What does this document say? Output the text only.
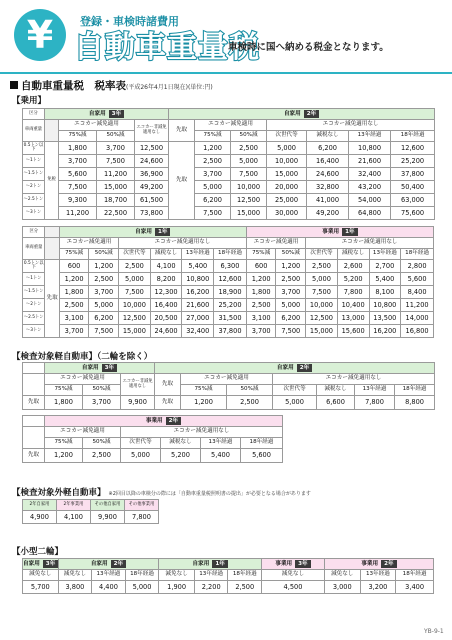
¥	登録・車検時諸費用
自動車重量税
車検時に国へ納める税金となります。
自動車重量税　税率表(平成26年4月1日現在)(単位:円)
【乗用】
区分	自家用 3年				自家用 2年						
車両重量		エコカー減免適用		エコカー非減免適用なし	先取	エコカー減免適用		エコカー減免適用なし			
		75%減	50%減			75%減	50%減	次世代等	減税なし	13年経過	18年経過
0.5トン以下	免税	1,800	3,700	12,500	先取	1,200	2,500	5,000	6,200	10,800	12,600
～1トン		3,700	7,500	24,600		2,500	5,000	10,000	16,400	21,600	25,200
～1.5トン		5,600	11,200	36,900		3,700	7,500	15,000	24,600	32,400	37,800
～2トン		7,500	15,000	49,200		5,000	10,000	20,000	32,800	43,200	50,400
～2.5トン		9,300	18,700	61,500		6,200	12,500	25,000	41,000	54,000	63,000
～3トン		11,200	22,500	73,800		7,500	15,000	30,000	49,200	64,800	75,600
区分		自家用 1年						事業用 1年					
車両重量		エコカー減免適用		エコカー減免適用なし				エコカー減免適用		エコカー減免適用なし			
		75%減	50%減	次世代等	減税なし	13年経過	18年経過	75%減	50%減	次世代等	減税なし	13年経過	18年経過
0.5トン以下	先取	600	1,200	2,500	4,100	5,400	6,300	600	1,200	2,500	2,600	2,700	2,800
～1トン		1,200	2,500	5,000	8,200	10,800	12,600	1,200	2,500	5,000	5,200	5,400	5,600
～1.5トン		1,800	3,700	7,500	12,300	16,200	18,900	1,800	3,700	7,500	7,800	8,100	8,400
～2トン		2,500	5,000	10,000	16,400	21,600	25,200	2,500	5,000	10,000	10,400	10,800	11,200
～2.5トン		3,100	6,200	12,500	20,500	27,000	31,500	3,100	6,200	12,500	13,000	13,500	14,000
～3トン		3,700	7,500	15,000	24,600	32,400	37,800	3,700	7,500	15,000	15,600	16,200	16,800
【検査対象軽自動車】（二輪を除く）
	自家用 3年			自家用 2年						
	エコカー減免適用		エコカー非減免適用なし	先取	エコカー減免適用		エコカー減免適用なし			
	75%減	50%減			75%減	50%減	次世代等	減税なし	13年経過	18年経過
先取	1,800	3,700	9,900	先取	1,200	2,500	5,000	6,600	7,800	8,800
	事業用 2年					
	エコカー減免適用		エコカー減免適用なし			
	75%減	50%減	次世代等	減税なし	13年経過	18年経過
先取	1,200	2,500	5,000	5,200	5,400	5,600
【検査対象外軽自動車】 ※2回目以降の車検分の際には「自動車重量税照明書の提出」が必要となる場合があります
2年自家用	2年事業用	その他自家用	その他事業用
4,900	4,100	9,900	7,800
【小型二輪】
自家用 3年	自家用 2年			自家用 1年			事業用 3年	事業用 2年		
減免なし	減免なし	13年経過	18年経過	減免なし	13年経過	18年経過	減免なし	減免なし	13年経過	18年経過
5,700	3,800	4,400	5,000	1,900	2,200	2,500	4,500	3,000	3,200	3,400
YB-9-1
